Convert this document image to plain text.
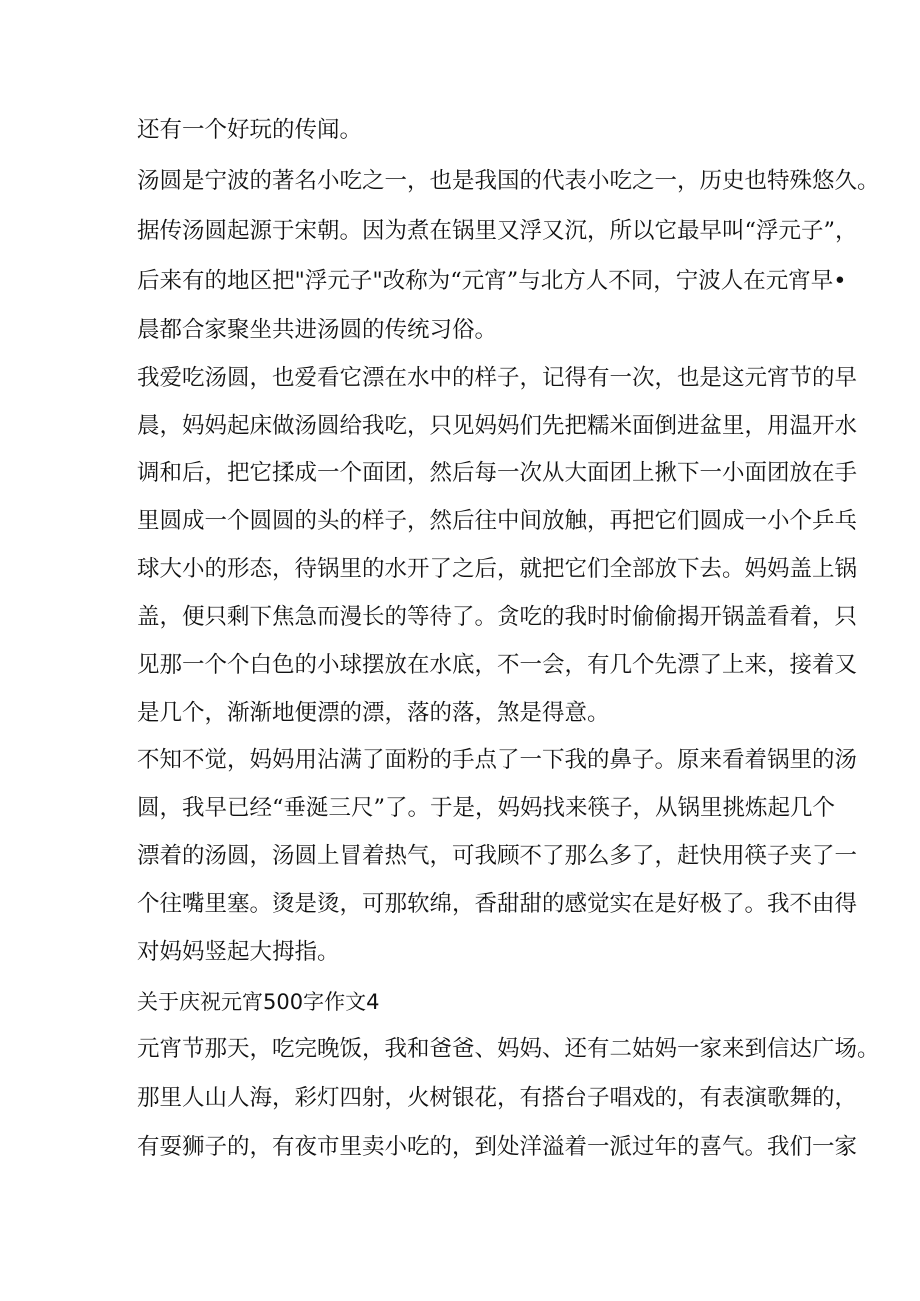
还有一个好玩的传闻。
汤圆是宁波的著名小吃之一，也是我国的代表小吃之一，历史也特殊悠久。
据传汤圆起源于宋朝。因为煮在锅里又浮又沉，所以它最早叫“浮元子”，
后来有的地区把"浮元子"改称为“元宵”与北方人不同，宁波人在元宵早•
晨都合家聚坐共进汤圆的传统习俗。
我爱吃汤圆，也爱看它漂在水中的样子，记得有一次，也是这元宵节的早
晨，妈妈起床做汤圆给我吃，只见妈妈们先把糯米面倒进盆里，用温开水
调和后，把它揉成一个面团，然后每一次从大面团上揪下一小面团放在手
里圆成一个圆圆的头的样子，然后往中间放触，再把它们圆成一小个乒乓
球大小的形态，待锅里的水开了之后，就把它们全部放下去。妈妈盖上锅
盖，便只剩下焦急而漫长的等待了。贪吃的我时时偷偷揭开锅盖看着，只
见那一个个白色的小球摆放在水底，不一会，有几个先漂了上来，接着又
是几个，渐渐地便漂的漂，落的落，煞是得意。
不知不觉，妈妈用沾满了面粉的手点了一下我的鼻子。原来看着锅里的汤
圆，我早已经“垂涎三尺”了。于是，妈妈找来筷子，从锅里挑炼起几个
漂着的汤圆，汤圆上冒着热气，可我顾不了那么多了，赶快用筷子夹了一
个往嘴里塞。烫是烫，可那软绵，香甜甜的感觉实在是好极了。我不由得
对妈妈竖起大拇指。
关于庆祝元宵500字作文4
元宵节那天，吃完晚饭，我和爸爸、妈妈、还有二姑妈一家来到信达广场。
那里人山人海，彩灯四射，火树银花，有搭台子唱戏的，有表演歌舞的，
有耍狮子的，有夜市里卖小吃的，到处洋溢着一派过年的喜气。我们一家
